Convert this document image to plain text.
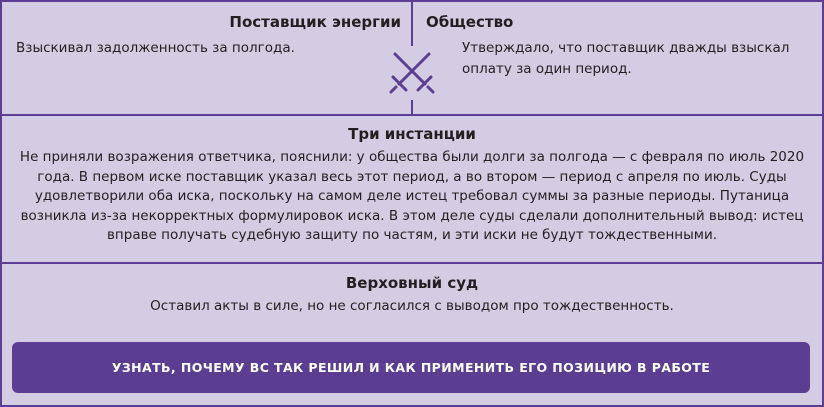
Поставщик энергии
Взыскивал задолженность за полгода.
Общество
Утверждало, что поставщик дважды взыскал оплату за один период.
Три инстанции
Не приняли возражения ответчика, пояснили: у общества были долги за полгода — с февраля по июль 2020 года. В первом иске поставщик указал весь этот период, а во втором — период с апреля по июль. Суды удовлетворили оба иска, поскольку на самом деле истец требовал суммы за разные периоды. Путаница возникла из-за некорректных формулировок иска. В этом деле суды сделали дополнительный вывод: истец вправе получать судебную защиту по частям, и эти иски не будут тождественными.
Верховный суд
Оставил акты в силе, но не согласился с выводом про тождественность.
УЗНАТЬ, ПОЧЕМУ ВС ТАК РЕШИЛ И КАК ПРИМЕНИТЬ ЕГО ПОЗИЦИЮ В РАБОТЕ
